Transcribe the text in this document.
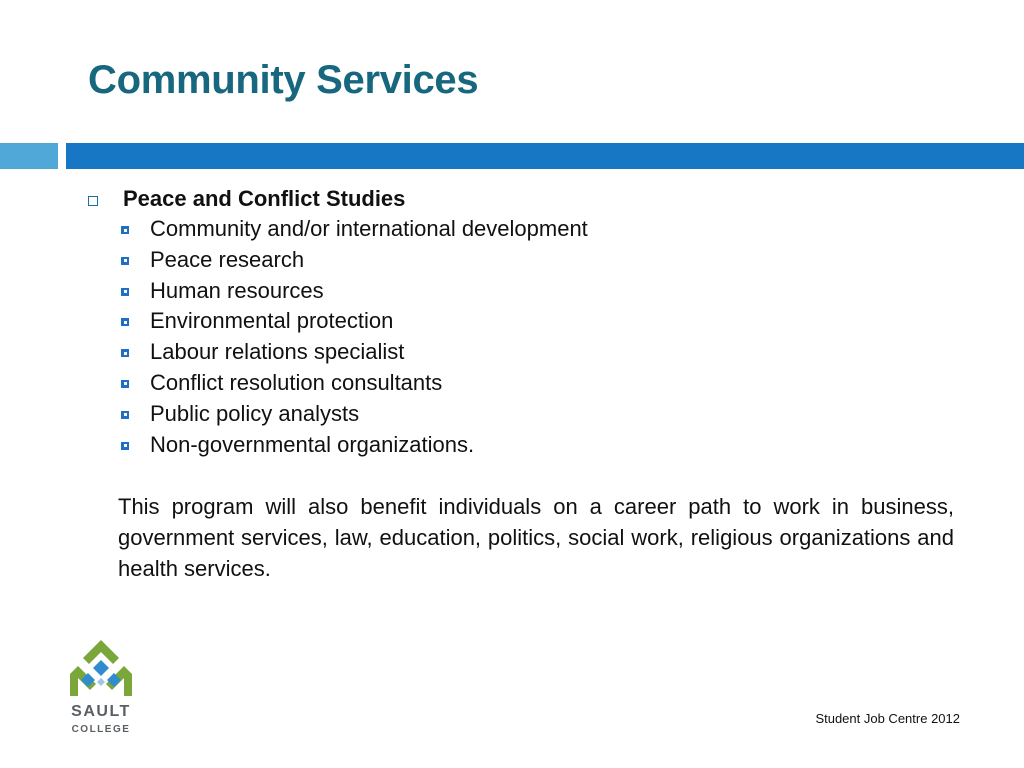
Community Services
Peace and Conflict Studies
Community and/or international development
Peace research
Human resources
Environmental protection
Labour relations specialist
Conflict resolution consultants
Public policy analysts
Non-governmental organizations.

This program will also benefit individuals on a career path to work in business, government services, law, education, politics, social work, religious organizations and health services.

SAULT
COLLEGE
Student Job Centre 2012
